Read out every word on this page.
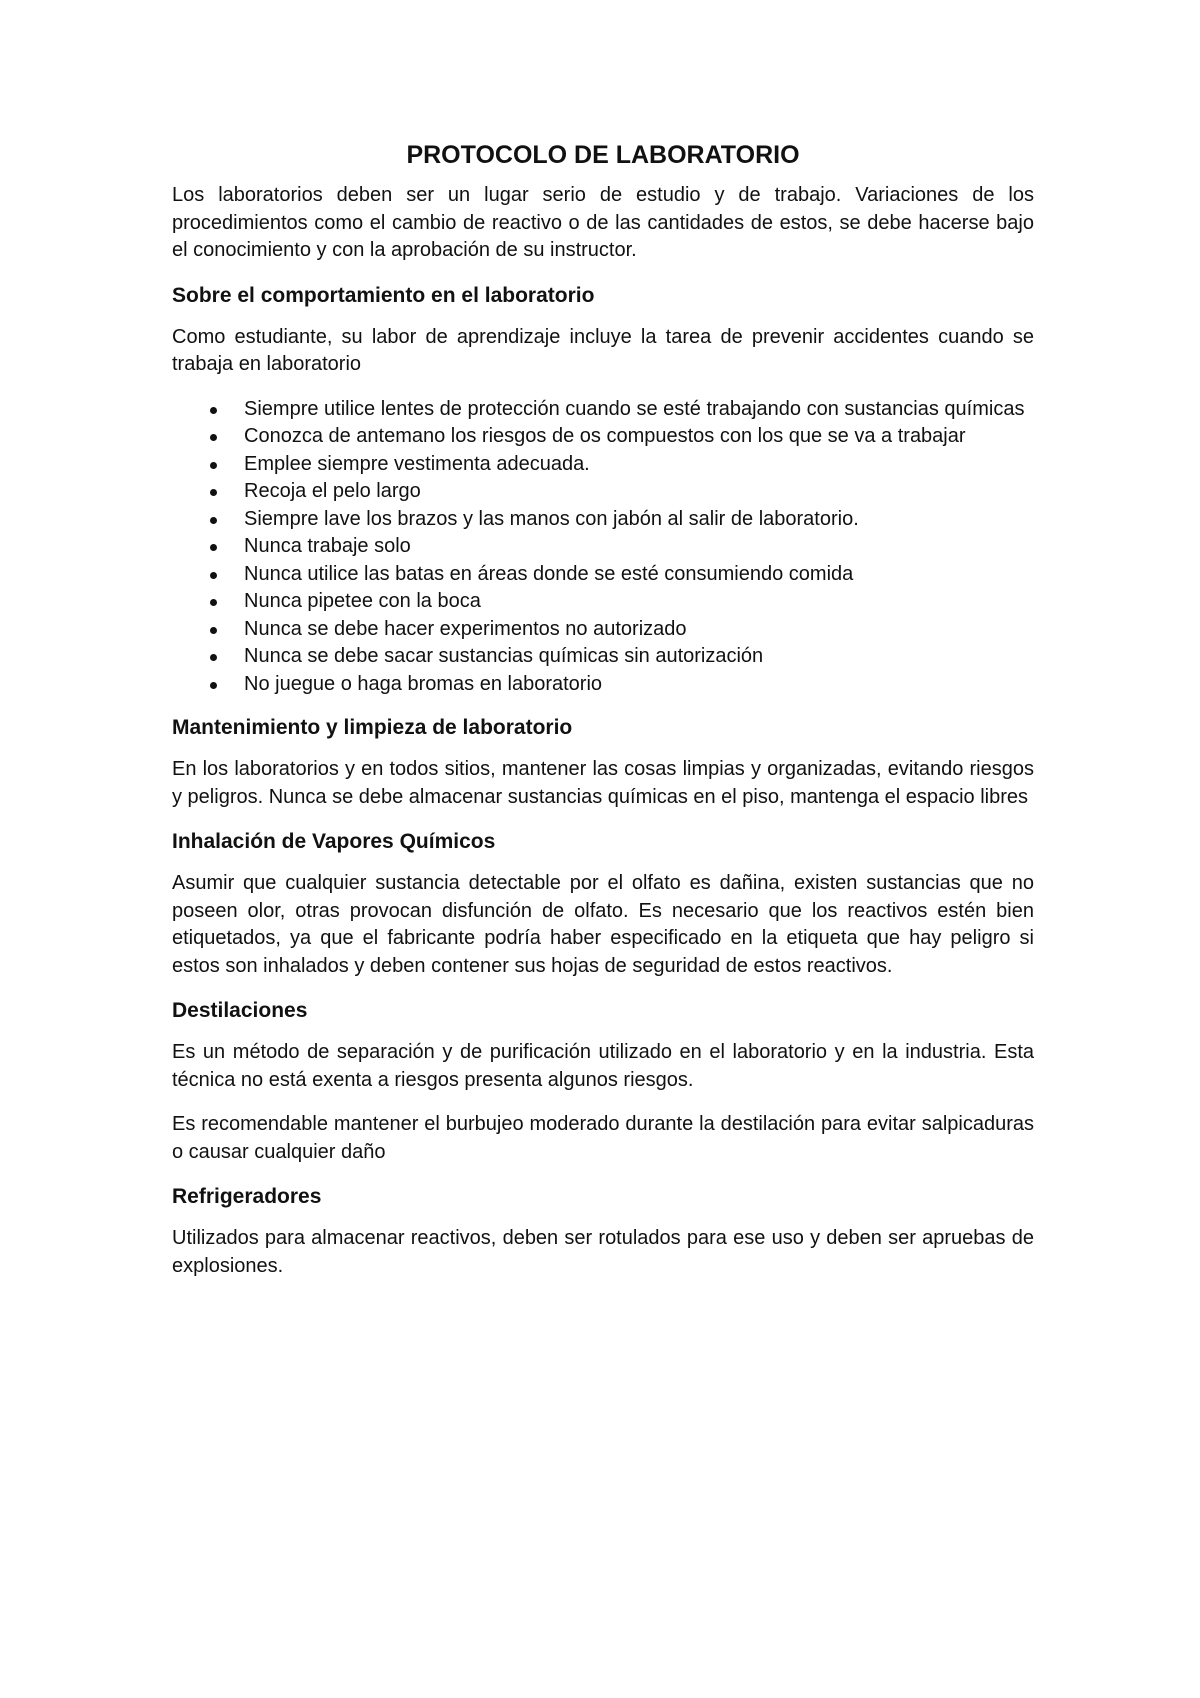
PROTOCOLO DE LABORATORIO

Los laboratorios deben ser un lugar serio de estudio y de trabajo. Variaciones de los procedimientos como el cambio de reactivo o de las cantidades de estos, se debe hacerse bajo el conocimiento y con la aprobación de su instructor.

Sobre el comportamiento en el laboratorio

Como estudiante, su labor de aprendizaje incluye la tarea de prevenir accidentes cuando se trabaja en laboratorio

Siempre utilice lentes de protección cuando se esté trabajando con sustancias químicas
Conozca de antemano los riesgos de os compuestos con los que se va a trabajar
Emplee siempre vestimenta adecuada.
Recoja el pelo largo
Siempre lave los brazos y las manos con jabón al salir de laboratorio.
Nunca trabaje solo
Nunca utilice las batas en áreas donde se esté consumiendo comida
Nunca pipetee con la boca
Nunca se debe hacer experimentos no autorizado
Nunca se debe sacar sustancias químicas sin autorización
No juegue o haga bromas en laboratorio
Mantenimiento y limpieza de laboratorio

En los laboratorios y en todos sitios, mantener las cosas limpias y organizadas, evitando riesgos y peligros. Nunca se debe almacenar sustancias químicas en el piso, mantenga el espacio libres

Inhalación de Vapores Químicos

Asumir que cualquier sustancia detectable por el olfato es dañina, existen sustancias que no poseen olor, otras provocan disfunción de olfato. Es necesario que los reactivos estén bien etiquetados, ya que el fabricante podría haber especificado en la etiqueta que hay peligro si estos son inhalados y deben contener sus hojas de seguridad de estos reactivos.

Destilaciones

Es un método de separación y de purificación utilizado en el laboratorio y en la industria. Esta técnica no está exenta a riesgos presenta algunos riesgos.

Es recomendable mantener el burbujeo moderado durante la destilación para evitar salpicaduras o causar cualquier daño

Refrigeradores

Utilizados para almacenar reactivos, deben ser rotulados para ese uso y deben ser apruebas de explosiones.
